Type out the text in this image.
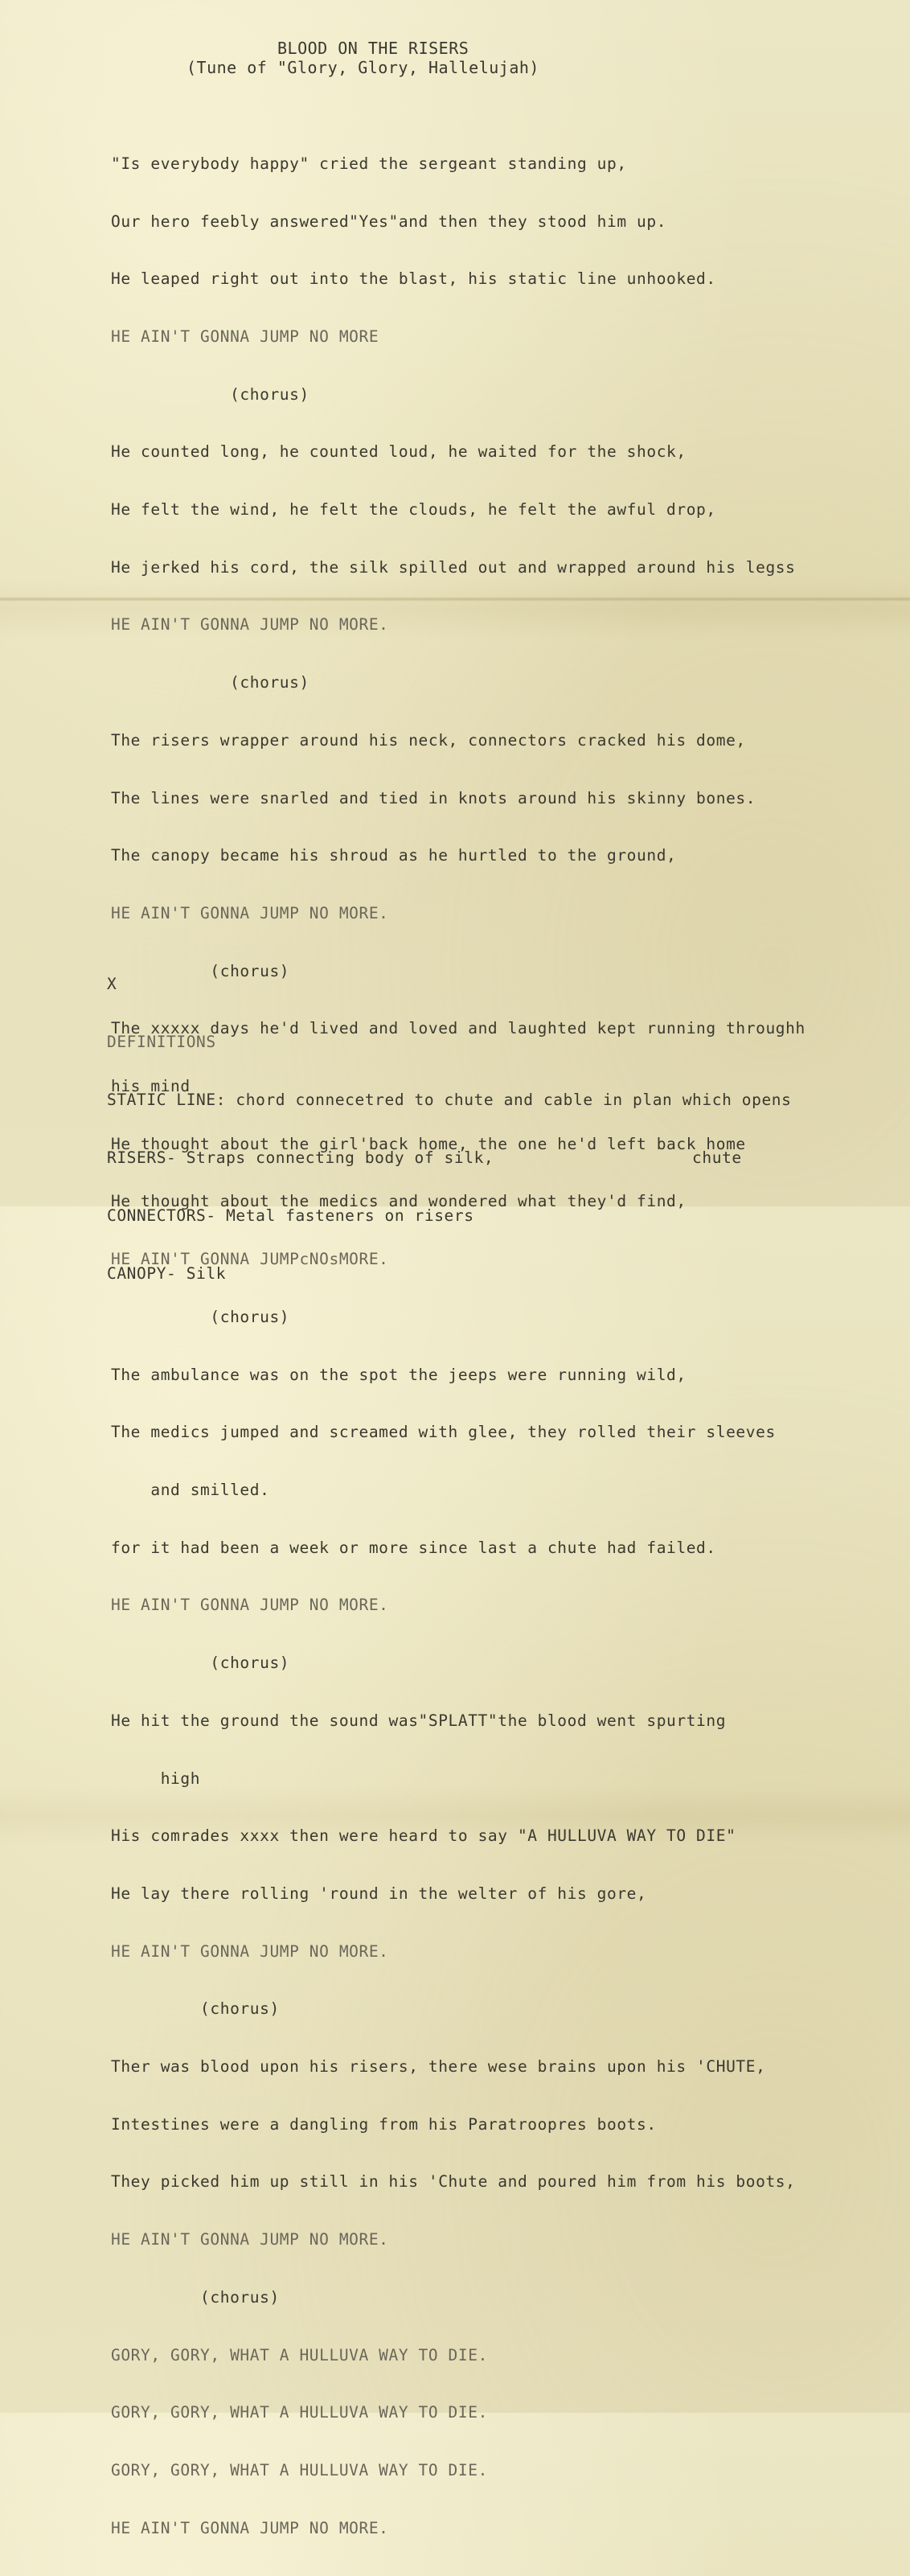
BLOOD ON THE RISERS
(Tune of "Glory, Glory, Hallelujah)

"Is everybody happy" cried the sergeant standing up,

Our hero feebly answered"Yes"and then they stood him up.

He leaped right out into the blast, his static line unhooked.

HE AIN'T GONNA JUMP NO MORE

(chorus)

He counted long, he counted loud, he waited for the shock,

He felt the wind, he felt the clouds, he felt the awful drop,

He jerked his cord, the silk spilled out and wrapped around his legss

HE AIN'T GONNA JUMP NO MORE.

(chorus)

The risers wrapper around his neck, connectors cracked his dome,

The lines were snarled and tied in knots around his skinny bones.

The canopy became his shroud as he hurtled to the ground,

HE AIN'T GONNA JUMP NO MORE.

(chorus)

The xxxxx days he'd lived and loved and laughted kept running throughh

his mind

He thought about the girl'back home, the one he'd left back home

He thought about the medics and wondered what they'd find,

HE AIN'T GONNA JUMPcNOsMORE.

(chorus)

The ambulance was on the spot the jeeps were running wild,

The medics jumped and screamed with glee, they rolled their sleeves

and smilled.

for it had been a week or more since last a chute had failed.

HE AIN'T GONNA JUMP NO MORE.

(chorus)

He hit the ground the sound was"SPLATT"the blood went spurting

high

His comrades xxxx then were heard to say "A HULLUVA WAY TO DIE"

He lay there rolling 'round in the welter of his gore,

HE AIN'T GONNA JUMP NO MORE.

(chorus)

Ther was blood upon his risers, there wese brains upon his 'CHUTE,

Intestines were a dangling from his Paratroopres boots.

They picked him up still in his 'Chute and poured him from his boots,

HE AIN'T GONNA JUMP NO MORE.

(chorus)

GORY, GORY, WHAT A HULLUVA WAY TO DIE.

GORY, GORY, WHAT A HULLUVA WAY TO DIE.

GORY, GORY, WHAT A HULLUVA WAY TO DIE.

HE AIN'T GONNA JUMP NO MORE.

X

DEFINITIONS

STATIC LINE: chord connecetred to chute and cable in plan which opens

RISERS- Straps connecting body of silk,                    chute

CONNECTORS- Metal fasteners on risers

CANOPY- Silk
